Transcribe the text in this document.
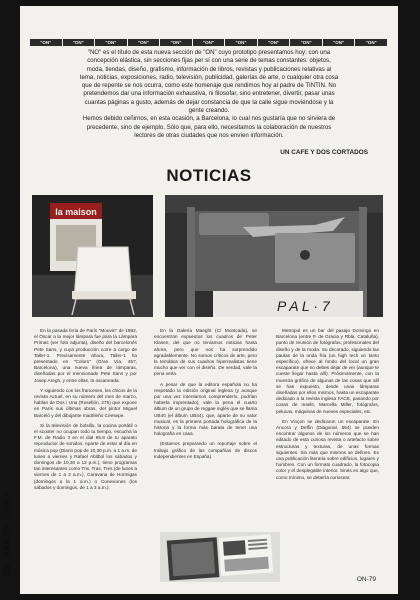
"ON"	"ON"	"ON"	"ON"	"ON"	"ON"	"ON"	"ON"	"ON"	"ON"	"ON"

"NO" es el título de esta nueva sección de "ON" cuyo prototipo presentamos hoy: con una

concepción elástica, sin secciones fijas per sí con una serie de temas constantes: objetos,

moda, tiendas, diseño, grafismo, información de libros, revistas y publicaciones relativas al

tema, noticias, exposiciones, radio, televisión, publicidad, galerías de arte, o cualquier otra cosa

que de repente se nos ocurra, como este homenaje que rendimos hoy al padre de TINTIN. No

pretendemos dar una información exhaustiva, ni filosofar, sino entretener, divertir, pasar unas

cuantas páginas a gusto, además de dejar constancia de que la calle sigue moviéndose y la

gente creando.

Hemos debido ceñirnos, en esta ocasión, a Barcelona, lo cual nos gustaría que no sirviera de

precedente, sino de ejemplo. Sólo que, para ello, necesitamos la colaboración de nuestros

lectores de otras ciudades que nos envíen información.

UN CAFE Y DOS CORTADOS
NOTICIAS
la maison
P A L · 7

En la pasada feria de París "Mouvin" de 1982, el Óscar a la mejor lámpara fue para la Lámpara Primas (ver foto adjunta), diseño del barcelonés Pete Sans, y cuya producción corre a cargo de Taller-1. Precisamente ahora, Taller-1 ha presentado en "Colors" (Gran Vía, 457, Barcelona), una nueva línea de lámparas, diseñadas por el mencionado Pete Sans y por Josep Aregh, y entre ellas, la oscaneada.

Y siguiendo con los franceses, los chicos de la revista Actuel, en su número del mes de marzo, hablan de Dos i Una (Rosellón, 275) que expone en París sus últimas obras, del pintor Miguel Barceló y del dibujante madrileño Ceesepe.

Si la televisión de bolsillo, la cocina portátil o el scooter no ocupan todo tu tiempo, escucha la F.M. de Radio 3 en el dial 95.8 de tu aparato reproductor de sonidos. Aparte de estar al día en música pop (Diario pop de 10,30 p.m. a 1 a.m. de lunes a viernes y Rafael Abitbol los sábados y domingos de 10,30 a 12 p.m.), tiene programas tan interesantes como Tris, Tras, Tres (de lunes a viernes de 1 a 3 a.m.), Caravana de Hormigas (domingos a la 1 a.m.) o Conexiones (los sábados y domingos, de 1 a 3 a.m.).

En la Galería Maeght (C/ Montcada), se encuentran expuestos los cuadros de Peter Klasen, del que no teníamos noticias hasta ahora, pero que nos ha sorprendido agradablemente. No somos críticos de arte, pero la temática de sus cuadros hiperrealistas tiene mucho que ver con el diseño. De verdad, vale la pena verla.

A pesar de que la editora española no ha respetado la edición original inglesa (y aunque por una vez intentamos comprenderlo, podrían haberla imprentado), vale la pena el cuarto álbum de un grupo de reggae inglés que se llama UB40 (el álbum UB44), que, aparte de su valor musical, es la primera portada holográfica de la historia y la forma más barata de tener una holografía en casa.

(Estamos preparando un reportaje sobre el trabajo gráfico de las compañías de discos independientes en España).

Metropol es un bar del pasaje Domingo en Barcelona (entre P. de Gracia y Rbla. Cataluña), punto de reunión de fotógrafos, profesionales del diseño y de la moda. Su decorado, siguiendo las pautas de la onda fría (un high tech un tanto específico), ofrece al fondo del local un gran escaparate que no debes dejar de ver (aunque te cueste llegar hasta allí). Próximamente, con la muestra gráfica de algunas de las cosas que allí se han expuesto, desde unas lámparas diseñadas por ellos mismos, hasta un escaparate dedicado a la revista inglesa FACE, pasando por cosas de Inselit, Marcella Miller, fotógrafos, pelucas, máquinas de nueves especiales, etc.

En Vinçon se dedicaron un escaparate. En Ancora y Delfín (Diagonal, 564) se pueden encontrar algunos de los números que se han editado de esta curiosa revista o artefacto sobre estructuras y texturas, de unas formas siguientes. Sin más que mismos se definen. Es una publicación literaria sobre edificios, lugares y hombres. Con un formato cuadrado, la fotocopia color y el desplegable interior. Sinés es algo que, como mínimo, se debería curiosear.

ON-79
ON MARZO 1983
